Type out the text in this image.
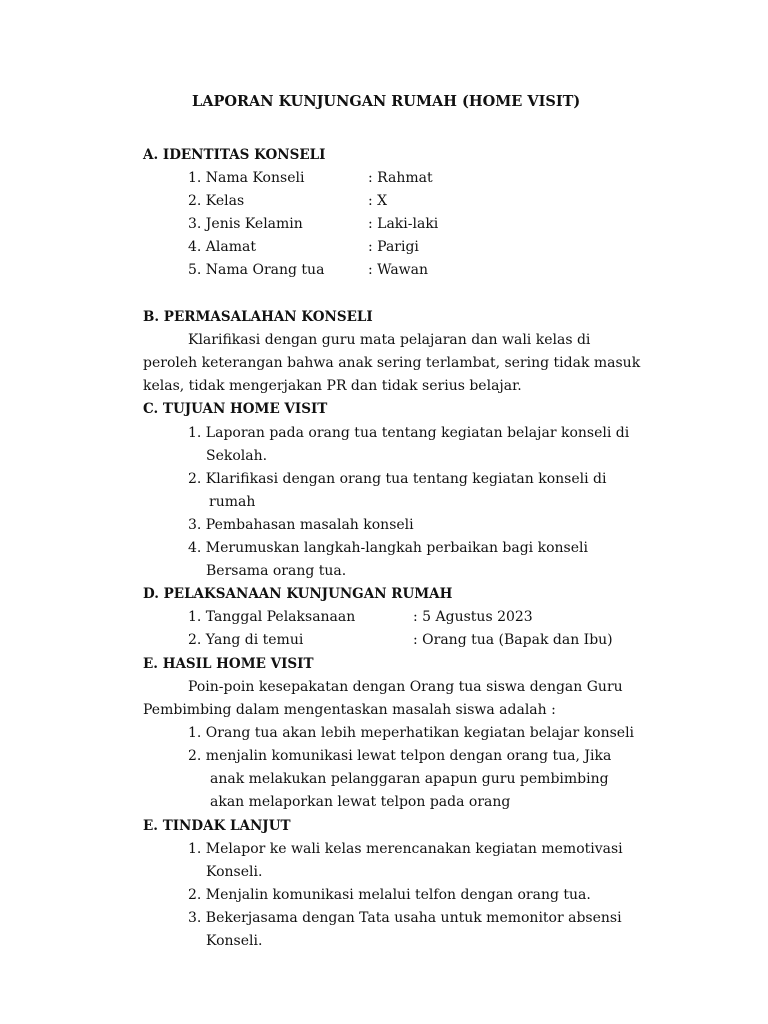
LAPORAN KUNJUNGAN RUMAH (HOME VISIT)
A. IDENTITAS KONSELI
1. Nama Konseli	: Rahmat
2. Kelas	: X
3. Jenis Kelamin	: Laki-laki
4. Alamat	: Parigi
5. Nama Orang tua	: Wawan
B. PERMASALAHAN KONSELI
Klarifikasi dengan guru mata pelajaran dan wali kelas di
peroleh keterangan bahwa anak sering terlambat, sering tidak masuk
kelas, tidak mengerjakan PR dan tidak serius belajar.
C. TUJUAN HOME VISIT
1. Laporan pada orang tua tentang kegiatan belajar konseli di
Sekolah.
2. Klarifikasi dengan orang tua tentang kegiatan konseli di
rumah
3. Pembahasan masalah konseli
4. Merumuskan langkah-langkah perbaikan bagi konseli
Bersama orang tua.
D. PELAKSANAAN KUNJUNGAN RUMAH
1. Tanggal Pelaksanaan	: 5 Agustus 2023
2. Yang di temui	: Orang tua (Bapak dan Ibu)
E. HASIL HOME VISIT
Poin-poin kesepakatan dengan Orang tua siswa dengan Guru
Pembimbing dalam mengentaskan masalah siswa adalah :
1. Orang tua akan lebih meperhatikan kegiatan belajar konseli
2. menjalin komunikasi lewat telpon dengan orang tua, Jika
anak melakukan pelanggaran apapun guru pembimbing
akan melaporkan lewat telpon pada orang
E. TINDAK LANJUT
1. Melapor ke wali kelas merencanakan kegiatan memotivasi
Konseli.
2. Menjalin komunikasi melalui telfon dengan orang tua.
3. Bekerjasama dengan Tata usaha untuk memonitor absensi
Konseli.
